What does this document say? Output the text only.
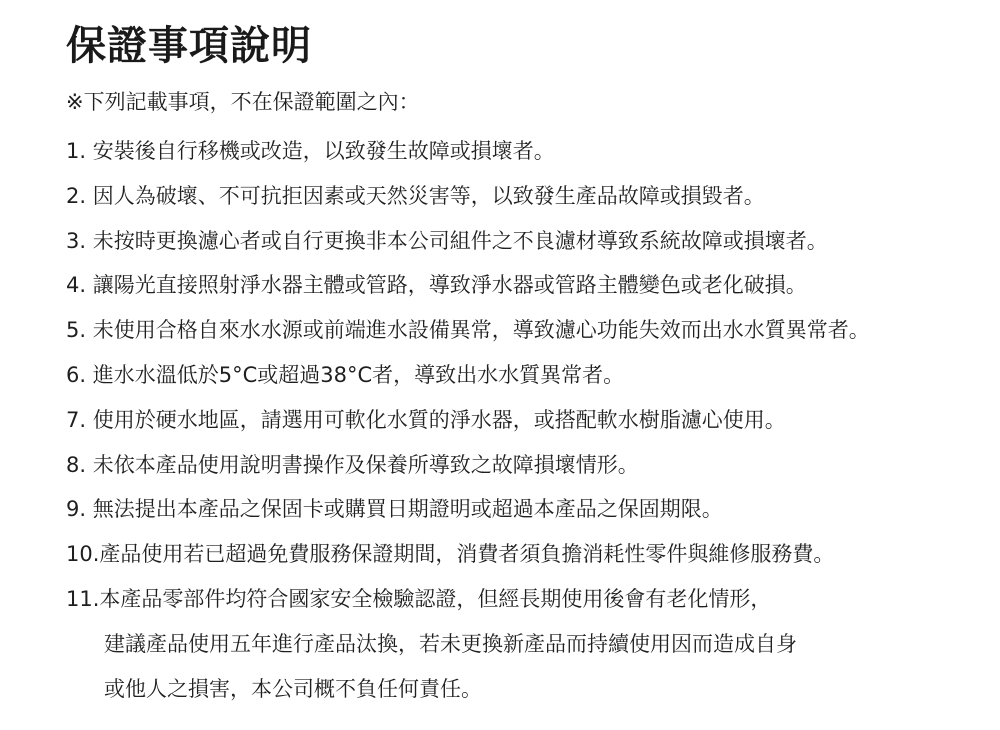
保證事項說明
※下列記載事項，不在保證範圍之內：
1. 安裝後自行移機或改造，以致發生故障或損壞者。
2. 因人為破壞、不可抗拒因素或天然災害等，以致發生產品故障或損毀者。
3. 未按時更換濾心者或自行更換非本公司組件之不良濾材導致系統故障或損壞者。
4. 讓陽光直接照射淨水器主體或管路，導致淨水器或管路主體變色或老化破損。
5. 未使用合格自來水水源或前端進水設備異常，導致濾心功能失效而出水水質異常者。
6. 進水水溫低於5°C或超過38°C者，導致出水水質異常者。
7. 使用於硬水地區，請選用可軟化水質的淨水器，或搭配軟水樹脂濾心使用。
8. 未依本產品使用說明書操作及保養所導致之故障損壞情形。
9. 無法提出本產品之保固卡或購買日期證明或超過本產品之保固期限。
10.產品使用若已超過免費服務保證期間，消費者須負擔消耗性零件與維修服務費。
11.本產品零部件均符合國家安全檢驗認證，但經長期使用後會有老化情形，
建議產品使用五年進行產品汰換，若未更換新產品而持續使用因而造成自身
或他人之損害，本公司概不負任何責任。
